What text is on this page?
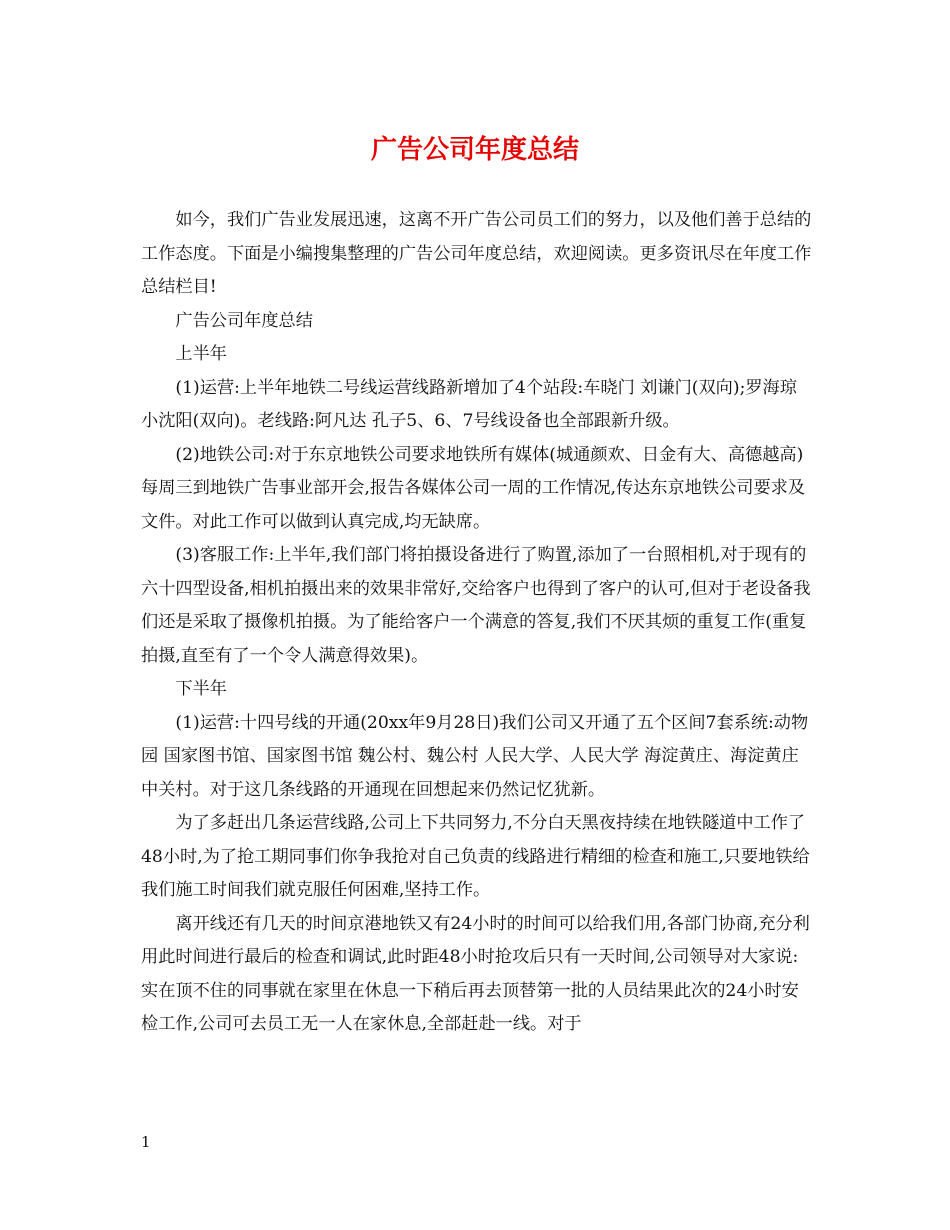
广告公司年度总结

如今，我们广告业发展迅速，这离不开广告公司员工们的努力，以及他们善于总结的工作态度。下面是小编搜集整理的广告公司年度总结，欢迎阅读。更多资讯尽在年度工作总结栏目!

广告公司年度总结

上半年

(1)运营:上半年地铁二号线运营线路新增加了4个站段:车晓门 刘谦门(双向);罗海琼 小沈阳(双向)。老线路:阿凡达 孔子5、6、7号线设备也全部跟新升级。

(2)地铁公司:对于东京地铁公司要求地铁所有媒体(城通颜欢、日金有大、高德越高)每周三到地铁广告事业部开会,报告各媒体公司一周的工作情况,传达东京地铁公司要求及文件。对此工作可以做到认真完成,均无缺席。

(3)客服工作:上半年,我们部门将拍摄设备进行了购置,添加了一台照相机,对于现有的六十四型设备,相机拍摄出来的效果非常好,交给客户也得到了客户的认可,但对于老设备我们还是采取了摄像机拍摄。为了能给客户一个满意的答复,我们不厌其烦的重复工作(重复拍摄,直至有了一个令人满意得效果)。

下半年

(1)运营:十四号线的开通(20xx年9月28日)我们公司又开通了五个区间7套系统:动物园 国家图书馆、国家图书馆 魏公村、魏公村 人民大学、人民大学 海淀黄庄、海淀黄庄 中关村。对于这几条线路的开通现在回想起来仍然记忆犹新。

为了多赶出几条运营线路,公司上下共同努力,不分白天黑夜持续在地铁隧道中工作了48小时,为了抢工期同事们你争我抢对自己负责的线路进行精细的检查和施工,只要地铁给我们施工时间我们就克服任何困难,坚持工作。

离开线还有几天的时间京港地铁又有24小时的时间可以给我们用,各部门协商,充分利用此时间进行最后的检查和调试,此时距48小时抢攻后只有一天时间,公司领导对大家说:实在顶不住的同事就在家里在休息一下稍后再去顶替第一批的人员结果此次的24小时安检工作,公司可去员工无一人在家休息,全部赶赴一线。对于

1
